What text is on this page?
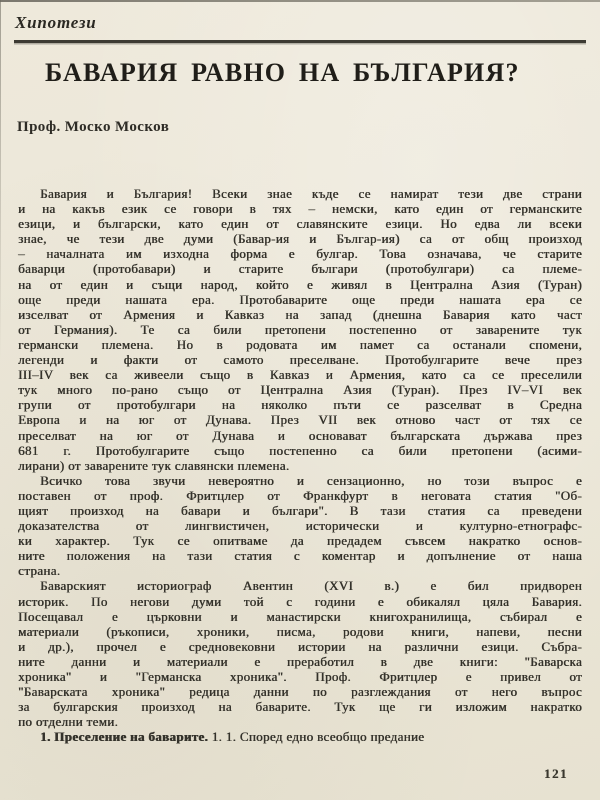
Хипотези
БАВАРИЯ РАВНО НА БЪЛГАРИЯ?
Проф. Моско Москов
Бавария и България! Всеки знае къде се намират тези две страни
и на какъв език се говори в тях – немски, като един от германските
езици, и български, като един от славянските езици. Но едва ли всеки
знае, че тези две думи (Бавар-ия и Българ-ия) са от общ произход
– началната им изходна форма е булгар. Това означава, че старите
баварци (протобавари) и старите българи (протобулгари) са племе-
на от един и същи народ, който е живял в Централна Азия (Туран)
още преди нашата ера. Протобаварите още преди нашата ера се
изселват от Армения и Кавказ на запад (днешна Бавария като част
от Германия). Те са били претопени постепенно от заварените тук
германски племена. Но в родовата им памет са останали спомени,
легенди и факти от самото преселване. Протобулгарите вече през
III–IV век са живеели също в Кавказ и Армения, като са се преселили
тук много по-рано също от Централна Азия (Туран). През IV–VI век
групи от протобулгари на няколко пъти се разселват в Средна
Европа и на юг от Дунава. През VII век отново част от тях се
преселват на юг от Дунава и основават българската държава през
681 г. Протобулгарите също постепенно са били претопени (асими-
лирани) от заварените тук славянски племена.
Всичко това звучи невероятно и сензационно, но този въпрос е
поставен от проф. Фритцлер от Франкфурт в неговата статия "Об-
щият произход на бавари и българи". В тази статия са преведени
доказателства от лингвистичен, исторически и културно-етнографс-
ки характер. Тук се опитваме да предадем съвсем накратко основ-
ните положения на тази статия с коментар и допълнение от наша
страна.
Баварският историограф Авентин (XVI в.) е бил придворен
историк. По негови думи той с години е обикалял цяла Бавария.
Посещавал е църковни и манастирски книгохранилища, събирал е
материали (ръкописи, хроники, писма, родови книги, напеви, песни
и др.), прочел е средновековни истории на различни езици. Събра-
ните данни и материали е преработил в две книги: "Баварска
хроника" и "Германска хроника". Проф. Фритцлер е привел от
"Баварската хроника" редица данни по разглеждания от него въпрос
за булгарския произход на баварите. Тук ще ги изложим накратко
по отделни теми.
1. Преселение на баварите. 1. 1. Според едно всеобщо предание
121
